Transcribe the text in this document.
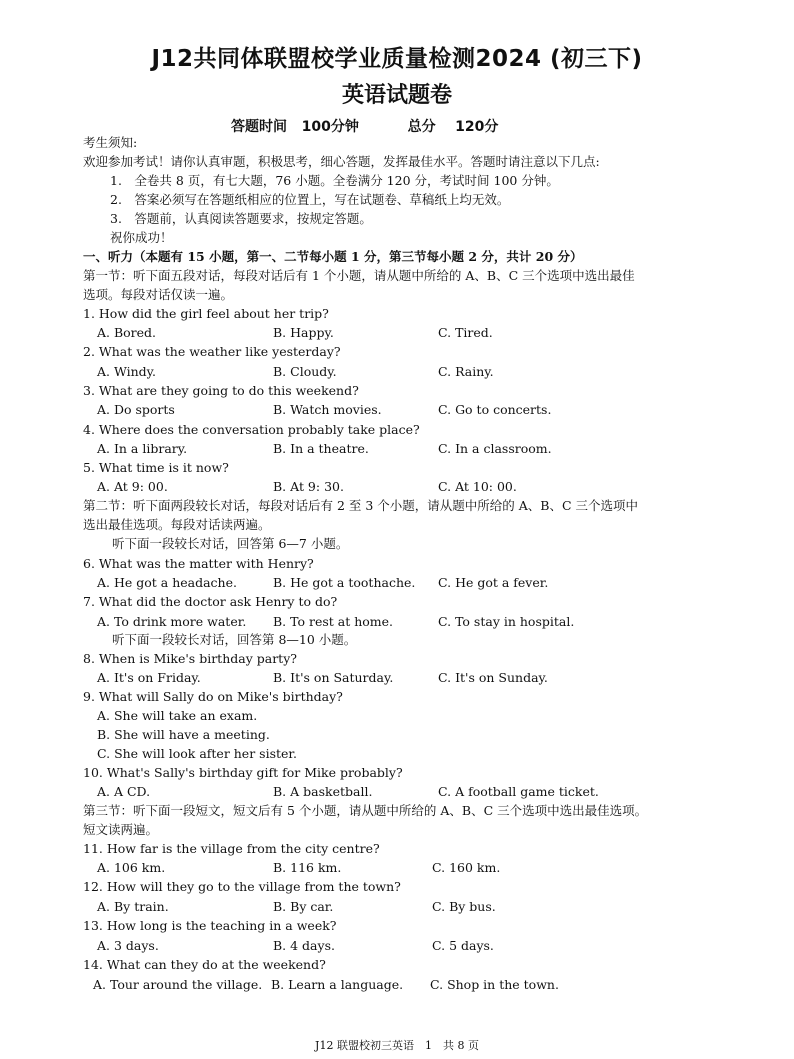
J12共同体联盟校学业质量检测2024 (初三下)
英语试题卷
答题时间 100分钟	总分 120分
考生须知:
欢迎参加考试！请你认真审题，积极思考，细心答题，发挥最佳水平。答题时请注意以下几点:
1.　全卷共 8 页，有七大题，76 小题。全卷满分 120 分，考试时间 100 分钟。
2.　答案必须写在答题纸相应的位置上，写在试题卷、草稿纸上均无效。
3.　答题前，认真阅读答题要求，按规定答题。
祝你成功！
一、听力（本题有 15 小题，第一、二节每小题 1 分，第三节每小题 2 分，共计 20 分）
第一节：听下面五段对话，每段对话后有 1 个小题，请从题中所给的 A、B、C 三个选项中选出最佳
选项。每段对话仅读一遍。
1. How did the girl feel about her trip?
A. Bored.	B. Happy.	C. Tired.
2. What was the weather like yesterday?
A. Windy.	B. Cloudy.	C. Rainy.
3. What are they going to do this weekend?
A. Do sports	B. Watch movies.	C. Go to concerts.
4. Where does the conversation probably take place?
A. In a library.	B. In a theatre.	C. In a classroom.
5. What time is it now?
A. At 9: 00.	B. At 9: 30.	C. At 10: 00.
第二节：听下面两段较长对话，每段对话后有 2 至 3 个小题，请从题中所给的 A、B、C 三个选项中
选出最佳选项。每段对话读两遍。
听下面一段较长对话，回答第 6—7 小题。
6. What was the matter with Henry?
A. He got a headache.	B. He got a toothache. C. He got a fever.
7. What did the doctor ask Henry to do?
A. To drink more water. B. To rest at home.	C. To stay in hospital.
听下面一段较长对话，回答第 8—10 小题。
8. When is Mike's birthday party?
A. It's on Friday.	B. It's on Saturday.	C. It's on Sunday.
9. What will Sally do on Mike's birthday?
A. She will take an exam.
B. She will have a meeting.
C. She will look after her sister.
10. What's Sally's birthday gift for Mike probably?
A. A CD.	B. A basketball.	C. A football game ticket.
第三节：听下面一段短文，短文后有 5 个小题，请从题中所给的 A、B、C 三个选项中选出最佳选项。
短文读两遍。
11. How far is the village from the city centre?
A. 106 km.	B. 116 km.	C. 160 km.
12. How will they go to the village from the town?
A. By train.	B. By car.	C. By bus.
13. How long is the teaching in a week?
A. 3 days.	B. 4 days.	C. 5 days.
14. What can they do at the weekend?
A. Tour around the village. B. Learn a language. C. Shop in the town.
J12 联盟校初三英语　1　共 8 页
